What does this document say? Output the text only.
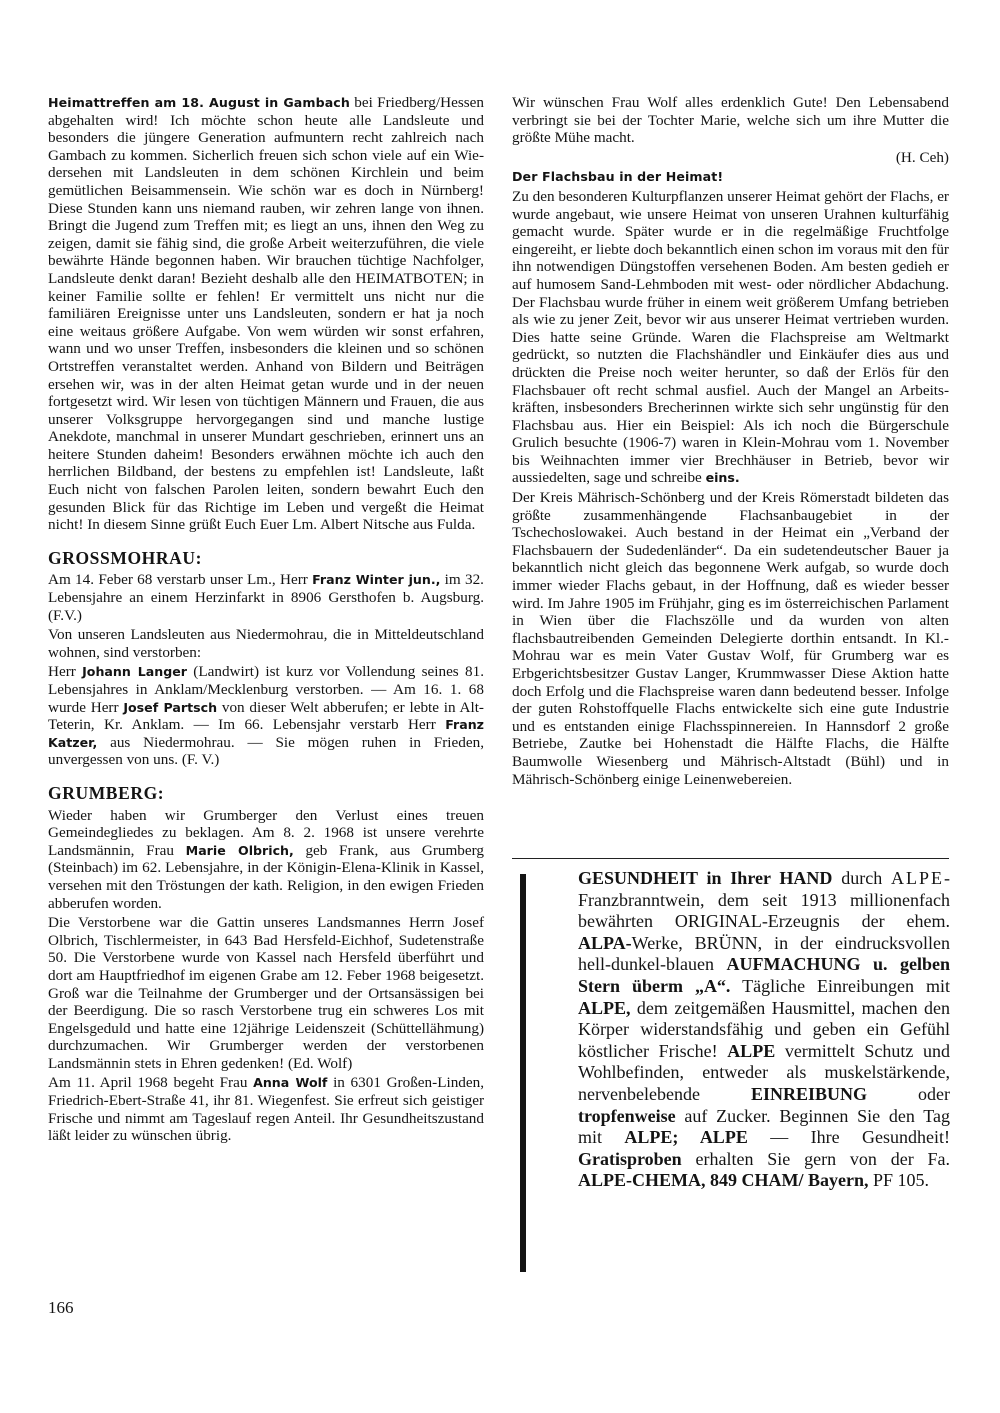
Heimattreffen am 18. August in Gambach bei Friedberg/Hessen abgehalten wird! Ich möchte schon heute alle Landsleute und besonders die jüngere Generation aufmuntern recht zahlreich nach Gambach zu kommen. Sicherlich freuen sich schon viele auf ein Wiedersehen mit Landsleuten in dem schönen Kirchlein und beim gemütlichen Beisammensein. Wie schön war es doch in Nürnberg! Diese Stunden kann uns niemand rauben, wir zehren lange von ihnen. Bringt die Jugend zum Treffen mit; es liegt an uns, ihnen den Weg zu zeigen, damit sie fähig sind, die große Arbeit weiterzuführen, die viele bewährte Hände begonnen haben. Wir brauchen tüchtige Nachfolger, Landsleute denkt daran! Bezieht deshalb alle den HEIMATBOTEN; in keiner Familie sollte er fehlen! Er vermittelt uns nicht nur die familiären Ereignisse unter uns Landsleuten, sondern er hat ja noch eine weitaus größere Aufgabe. Von wem würden wir sonst erfahren, wann und wo unser Treffen, insbesonders die kleinen und so schönen Ortstreffen veranstaltet werden. Anhand von Bildern und Beiträgen ersehen wir, was in der alten Heimat getan wurde und in der neuen fortgesetzt wird. Wir lesen von tüchtigen Männern und Frauen, die aus unserer Volksgruppe hervorgegangen sind und manche lustige Anekdote, manchmal in unserer Mundart geschrieben, erinnert uns an heitere Stunden daheim! Besonders erwähnen möchte ich auch den herrlichen Bildband, der bestens zu empfehlen ist! Landsleute, laßt Euch nicht von falschen Parolen leiten, sondern bewahrt Euch den gesunden Blick für das Richtige im Leben und vergeßt die Heimat nicht! In diesem Sinne grüßt Euch Euer Lm. Albert Nitsche aus Fulda.

GROSSMOHRAU:

Am 14. Feber 68 verstarb unser Lm., Herr Franz Winter jun., im 32. Lebensjahre an einem Herzinfarkt in 8906 Gersthofen b. Augsburg. (F.V.)

Von unseren Landsleuten aus Niedermohrau, die in Mitteldeutschland wohnen, sind verstorben:

Herr Johann Langer (Landwirt) ist kurz vor Vollendung seines 81. Lebensjahres in Anklam/Mecklenburg verstorben. — Am 16. 1. 68 wurde Herr Josef Partsch von dieser Welt abberufen; er lebte in Alt-Teterin, Kr. Anklam. — Im 66. Lebensjahr verstarb Herr Franz Katzer, aus Niedermohrau. — Sie mögen ruhen in Frieden, unvergessen von uns. (F. V.)

GRUMBERG:

Wieder haben wir Grumberger den Verlust eines treuen Gemeindegliedes zu beklagen. Am 8. 2. 1968 ist unsere verehrte Landsmännin, Frau Marie Olbrich, geb Frank, aus Grumberg (Steinbach) im 62. Lebensjahre, in der Königin-Elena-Klinik in Kassel, versehen mit den Tröstungen der kath. Religion, in den ewigen Frieden abberufen worden.

Die Verstorbene war die Gattin unseres Landsmannes Herrn Josef Olbrich, Tischlermeister, in 643 Bad Hersfeld-Eichhof, Sudetenstraße 50. Die Verstorbene wurde von Kassel nach Hersfeld überführt und dort am Hauptfriedhof im eigenen Grabe am 12. Feber 1968 beigesetzt. Groß war die Teilnahme der Grumberger und der Ortsansässigen bei der Beerdigung. Die so rasch Verstorbene trug ein schweres Los mit Engelsgeduld und hatte eine 12jährige Leidenszeit (Schüttellähmung) durchzumachen. Wir Grumberger werden der verstorbenen Landsmännin stets in Ehren gedenken! (Ed. Wolf)

Am 11. April 1968 begeht Frau Anna Wolf in 6301 Großen-Linden, Friedrich-Ebert-Straße 41, ihr 81. Wiegenfest. Sie erfreut sich geistiger Frische und nimmt am Tageslauf regen Anteil. Ihr Gesundheitszustand läßt leider zu wünschen übrig.

Wir wünschen Frau Wolf alles erdenklich Gute! Den Lebensabend verbringt sie bei der Tochter Marie, welche sich um ihre Mutter die größte Mühe macht.

(H. Ceh)

Der Flachsbau in der Heimat!

Zu den besonderen Kulturpflanzen unserer Heimat gehört der Flachs, er wurde angebaut, wie unsere Heimat von unseren Urahnen kulturfähig gemacht wurde. Später wurde er in die regelmäßige Fruchtfolge eingereiht, er liebte doch bekanntlich einen schon im voraus mit den für ihn notwendigen Düngstoffen versehenen Boden. Am besten gedieh er auf humosem Sand-Lehmboden mit west- oder nördlicher Abdachung. Der Flachsbau wurde früher in einem weit größerem Umfang betrieben als wie zu jener Zeit, bevor wir aus unserer Heimat vertrieben wurden. Dies hatte seine Gründe. Waren die Flachspreise am Weltmarkt gedrückt, so nutzten die Flachshändler und Einkäufer dies aus und drückten die Preise noch weiter herunter, so daß der Erlös für den Flachsbauer oft recht schmal ausfiel. Auch der Mangel an Arbeitskräften, insbesonders Brecherinnen wirkte sich sehr ungünstig für den Flachsbau aus. Hier ein Beispiel: Als ich noch die Bürgerschule Grulich besuchte (1906-7) waren in Klein-Mohrau vom 1. November bis Weihnachten immer vier Brechhäuser in Betrieb, bevor wir aussiedelten, sage und schreibe eins.

Der Kreis Mährisch-Schönberg und der Kreis Römerstadt bildeten das größte zusammenhängende Flachsanbaugebiet in der Tschechoslowakei. Auch bestand in der Heimat ein „Verband der Flachsbauern der Sudedenländer“. Da ein sudetendeutscher Bauer ja bekanntlich nicht gleich das begonnene Werk aufgab, so wurde doch immer wieder Flachs gebaut, in der Hoffnung, daß es wieder besser wird. Im Jahre 1905 im Frühjahr, ging es im österreichischen Parlament in Wien über die Flachszölle und da wurden von alten flachsbautreibenden Gemeinden Delegierte dorthin entsandt. In Kl.-Mohrau war es mein Vater Gustav Wolf, für Grumberg war es Erbgerichtsbesitzer Gustav Langer, Krummwasser Diese Aktion hatte doch Erfolg und die Flachspreise waren dann bedeutend besser. Infolge der guten Rohstoffquelle Flachs entwickelte sich eine gute Industrie und es entstanden einige Flachsspinnereien. In Hannsdorf 2 große Betriebe, Zautke bei Hohenstadt die Hälfte Flachs, die Hälfte Baumwolle Wiesenberg und Mährisch-Altstadt (Bühl) und in Mährisch-Schönberg einige Leinenwebereien.

GESUNDHEIT in Ihrer HAND durch ALPE-Franzbranntwein, dem seit 1913 millionenfach bewährten ORIGINAL-Erzeugnis der ehem. ALPA-Werke, BRÜNN, in der eindrucksvollen hell-dunkel-blauen AUFMACHUNG u. gelben Stern überm „A“. Tägliche Einreibungen mit ALPE, dem zeitgemäßen Hausmittel, machen den Körper widerstandsfähig und geben ein Gefühl köstlicher Frische! ALPE vermittelt Schutz und Wohlbefinden, entweder als muskelstärkende, nervenbelebende EINREIBUNG oder tropfenweise auf Zucker. Beginnen Sie den Tag mit ALPE; ALPE — Ihre Gesundheit! Gratisproben erhalten Sie gern von der Fa. ALPE-CHEMA, 849 CHAM/ Bayern, PF 105.
166
